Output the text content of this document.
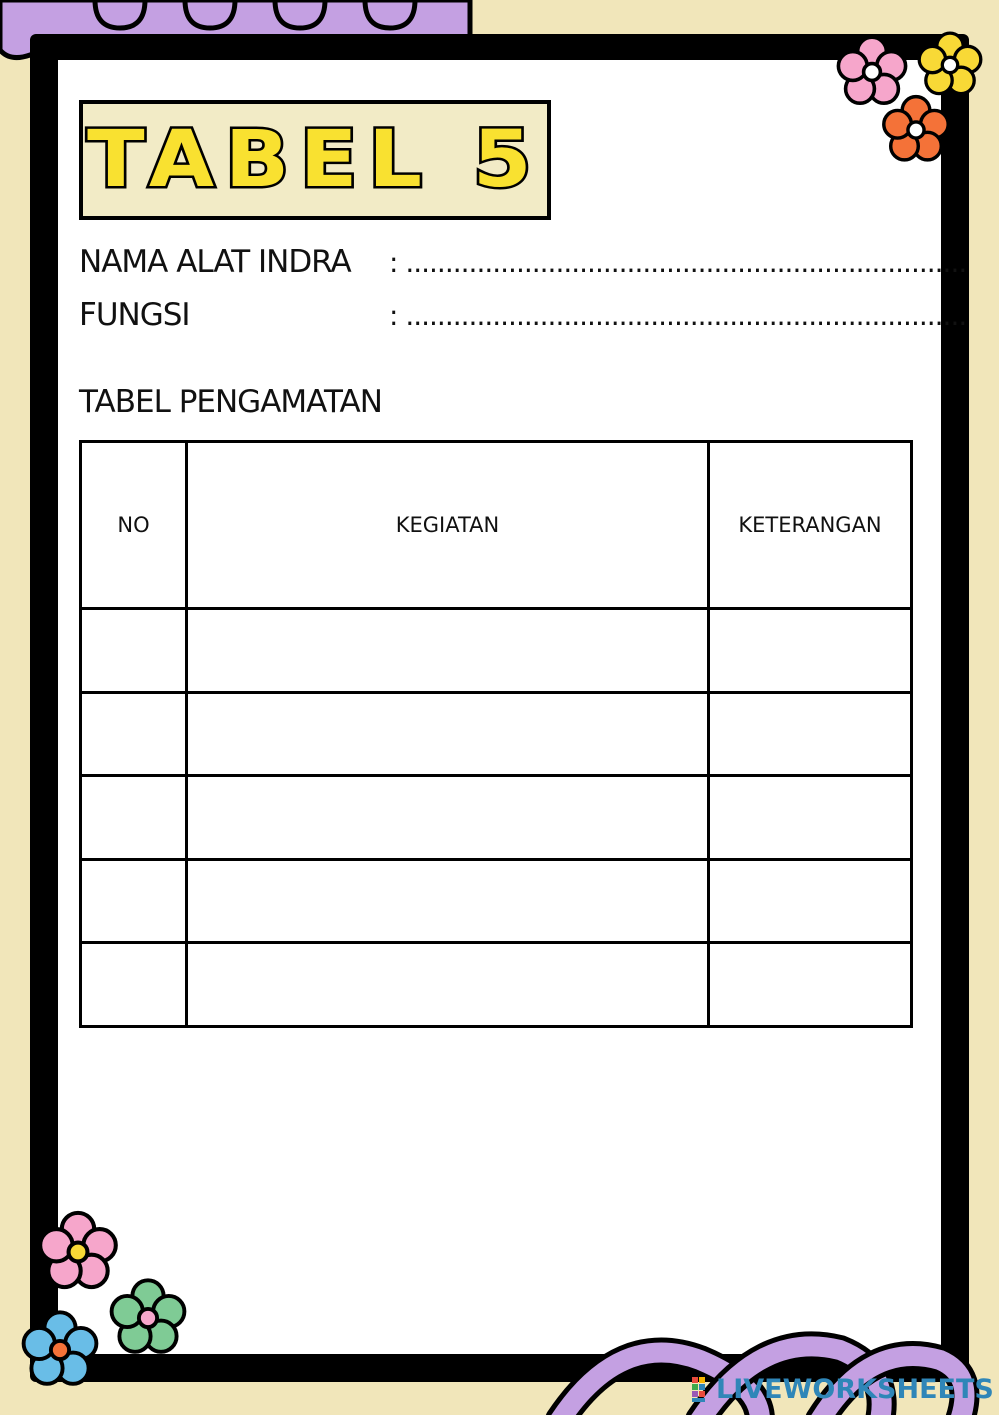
TABEL 5
NAMA ALAT INDRA	: .......................................................................
FUNGSI	: .......................................................................
TABEL PENGAMATAN
NO	KEGIATAN	KETERANGAN

LIVEWORKSHEETS
